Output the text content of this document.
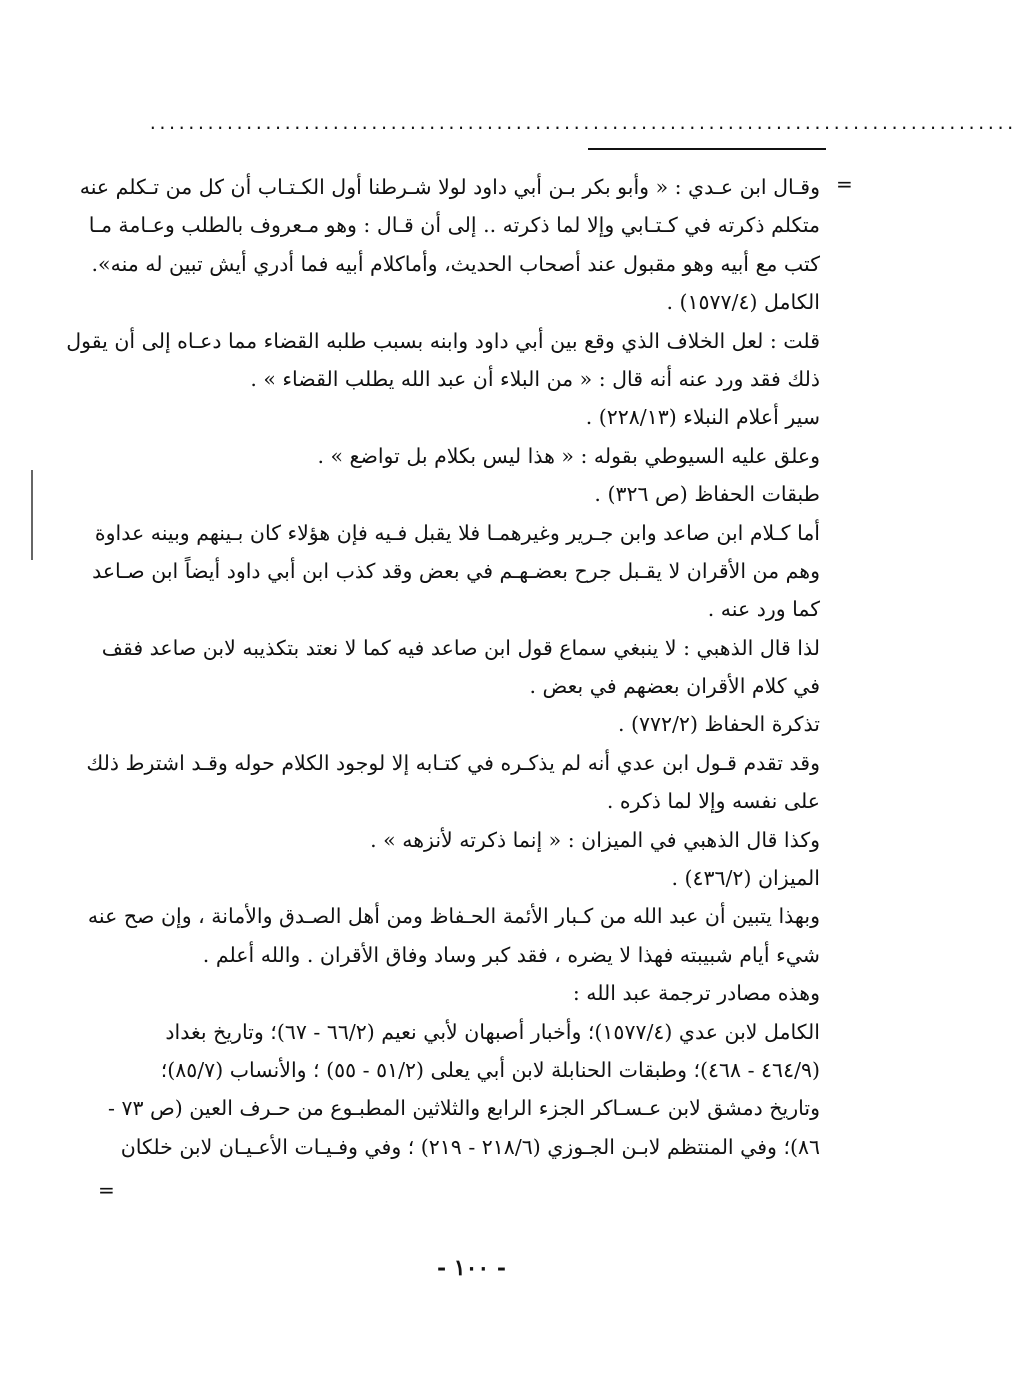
..........................................................................................
=
=
وقـال ابن عـدي : « وأبو بكر بـن أبي داود لولا شـرطنا أول الكـتـاب أن كل من تـكلم عنه
متكلم ذكرته في كـتـابي وإلا لما ذكرته .. إلى أن قـال : وهو مـعروف بالطلب وعـامة مـا
كتب مع أبيه وهو مقبول عند أصحاب الحديث، وأماكلام أبيه فما أدري أيش تبين له منه».
الكامل (١٥٧٧/٤) .
قلت : لعل الخلاف الذي وقع بين أبي داود وابنه بسبب طلبه القضاء مما دعـاه إلى أن يقول
ذلك فقد ورد عنه أنه قال : « من البلاء أن عبد الله يطلب القضاء » .
سير أعلام النبلاء (٢٢٨/١٣) .
وعلق عليه السيوطي بقوله : « هذا ليس بكلام بل تواضع » .
طبقات الحفاظ (ص ٣٢٦) .
أما كـلام ابن صاعد وابن جـرير وغيرهمـا فلا يقبل فـيه فإن هؤلاء كان بـينهم وبينه عداوة
وهم من الأقران لا يقـبل جرح بعضـهـم في بعض وقد كذب ابن أبي داود أيضاً ابن صـاعد
كما ورد عنه .
لذا قال الذهبي : لا ينبغي سماع قول ابن صاعد فيه كما لا نعتد بتكذيبه لابن صاعد فقف
في كلام الأقران بعضهم في بعض .
تذكرة الحفاظ (٧٧٢/٢) .
وقد تقدم قـول ابن عدي أنه لم يذكـره في كتـابه إلا لوجود الكلام حوله وقـد اشترط ذلك
على نفسه وإلا لما ذكره .
وكذا قال الذهبي في الميزان : « إنما ذكرته لأنزهه » .
الميزان (٤٣٦/٢) .
وبهذا يتبين أن عبد الله من كـبار الأئمة الحـفاظ ومن أهل الصـدق والأمانة ، وإن صح عنه
شيء أيام شبيبته فهذا لا يضره ، فقد كبر وساد وفاق الأقران . والله أعلم .
وهذه مصادر ترجمة عبد الله :
الكامل لابن عدي (١٥٧٧/٤)؛ وأخبار أصبهان لأبي نعيم (٦٦/٢ - ٦٧)؛ وتاريخ بغداد
(٤٦٤/٩ - ٤٦٨)؛ وطبقات الحنابلة لابن أبي يعلى (٥١/٢ - ٥٥) ؛ والأنساب (٨٥/٧)؛
وتاريخ دمشق لابن عـسـاكر الجزء الرابع والثلاثين المطبـوع من حـرف العين (ص ٧٣ -
٨٦)؛ وفي المنتظم لابـن الجـوزي (٢١٨/٦ - ٢١٩) ؛ وفي وفـيـات الأعـيـان لابن خلكان
- ١٠٠ -
